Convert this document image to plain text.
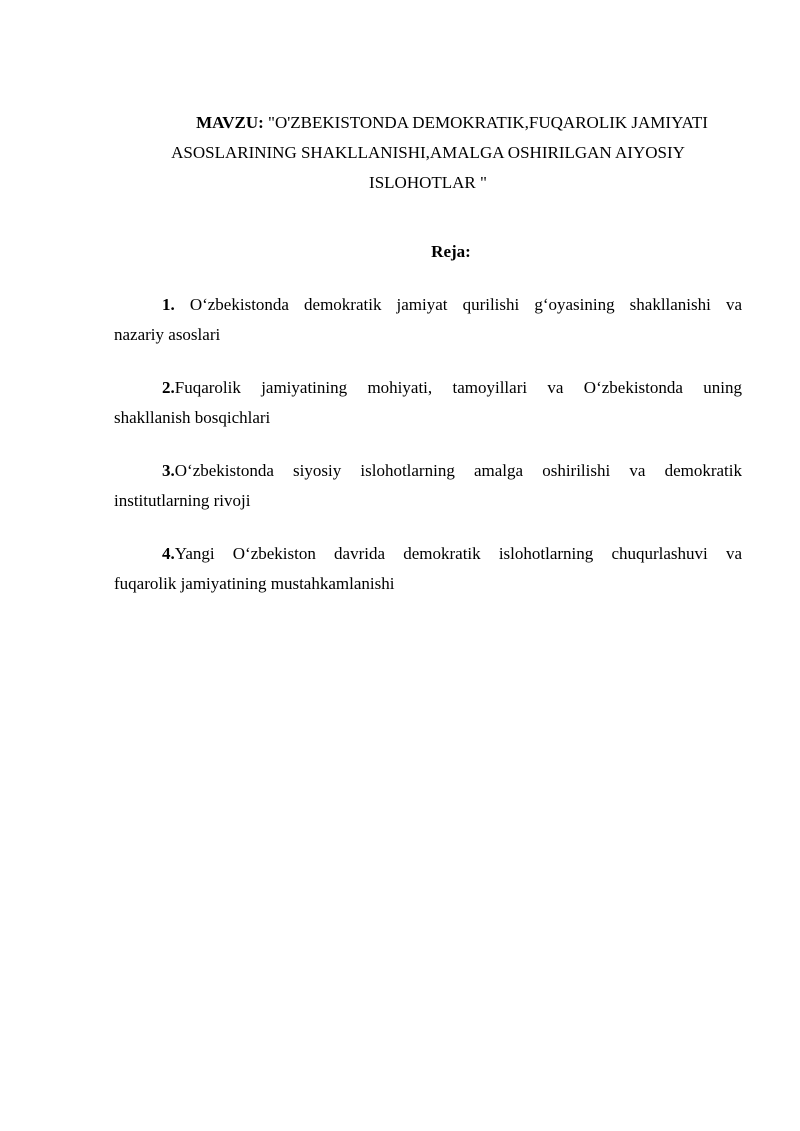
MAVZU: "O'ZBEKISTONDA DEMOKRATIK,FUQAROLIK JAMIYATI
ASOSLARINING SHAKLLANISHI,AMALGA OSHIRILGAN AIYOSIY
ISLOHOTLAR "
Reja:
1. O‘zbekistonda demokratik jamiyat qurilishi g‘oyasining shakllanishi va
nazariy asoslari
2.Fuqarolik jamiyatining mohiyati, tamoyillari va O‘zbekistonda uning
shakllanish bosqichlari
3.O‘zbekistonda siyosiy islohotlarning amalga oshirilishi va demokratik
institutlarning rivoji
4.Yangi O‘zbekiston davrida demokratik islohotlarning chuqurlashuvi va
fuqarolik jamiyatining mustahkamlanishi
